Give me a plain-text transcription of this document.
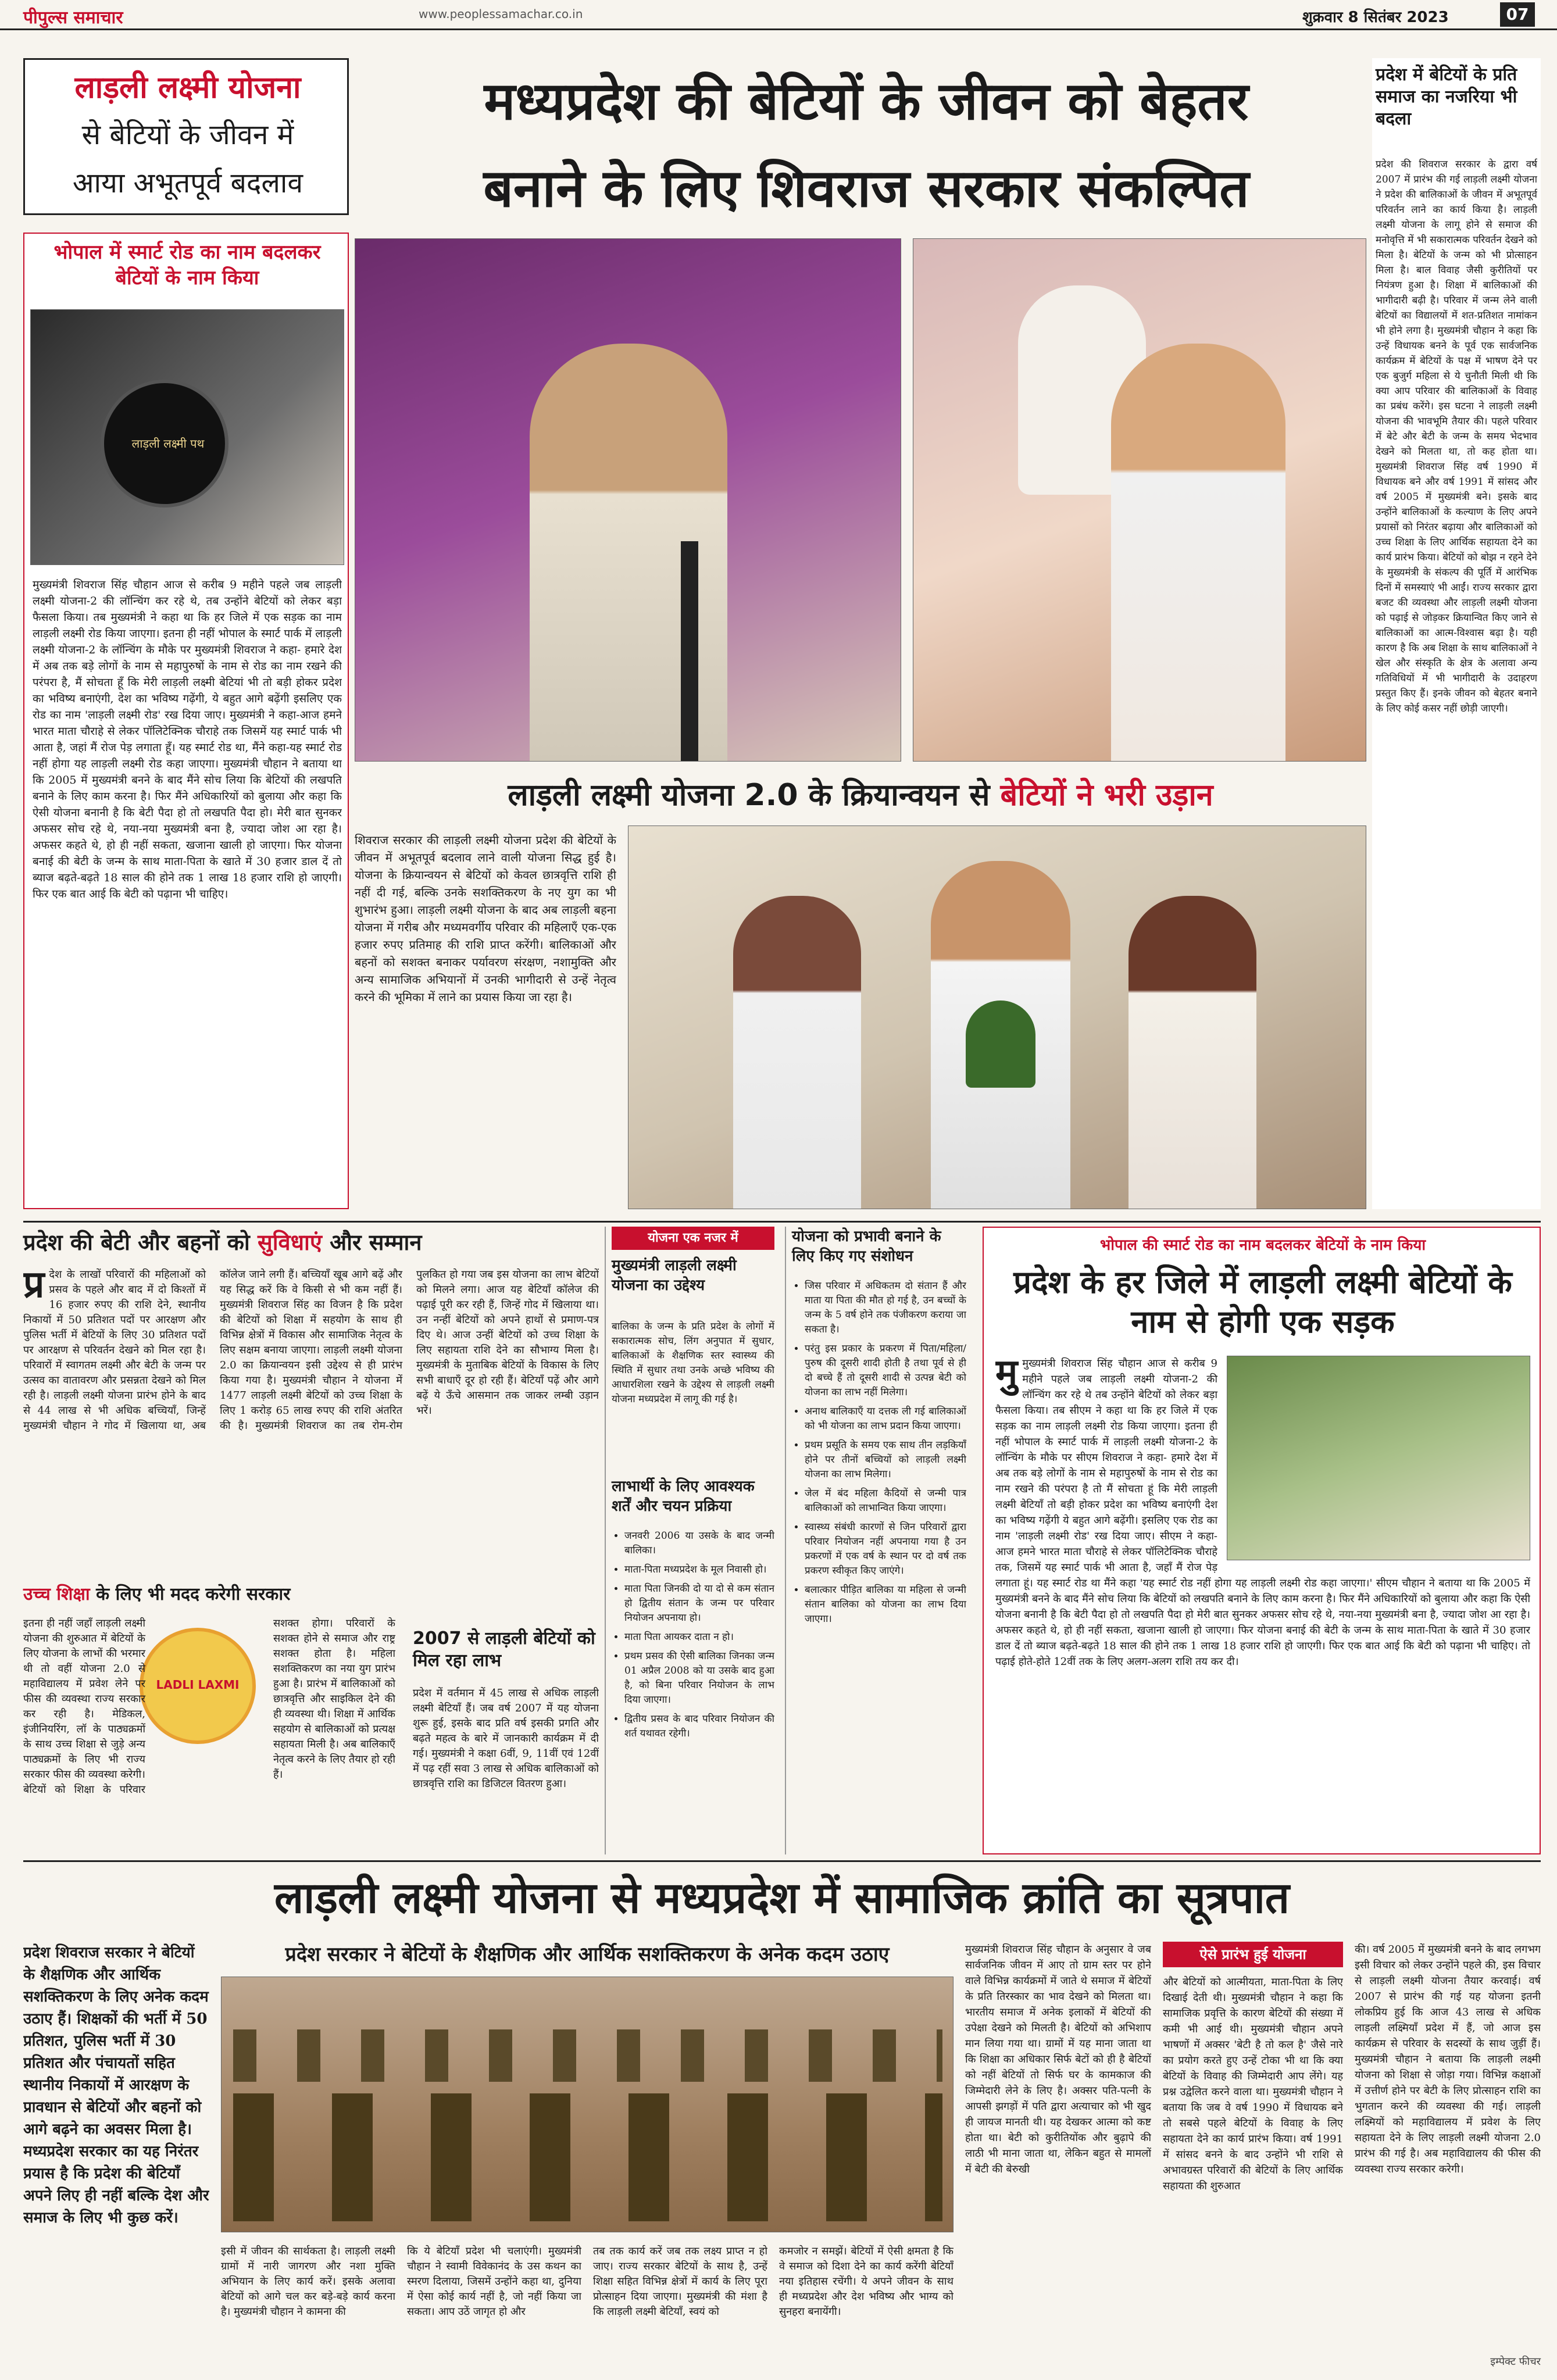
पीपुल्स समाचार	www.peoplessamachar.co.in	शुक्रवार 8 सितंबर 2023	07
लाड़ली लक्ष्मी योजना
से बेटियों के जीवन में
आया अभूतपूर्व बदलाव
मध्यप्रदेश की बेटियों के जीवन को बेहतर
बनाने के लिए शिवराज सरकार संकल्पित
भोपाल में स्मार्ट रोड का नाम बदलकर बेटियों के नाम किया
लाड़ली लक्ष्मी पथ
मुख्यमंत्री शिवराज सिंह चौहान आज से करीब 9 महीने पहले जब लाड़ली लक्ष्मी योजना-2 की लॉन्चिंग कर रहे थे, तब उन्होंने बेटियों को लेकर बड़ा फैसला किया। तब मुख्यमंत्री ने कहा था कि हर जिले में एक सड़क का नाम लाड़ली लक्ष्मी रोड किया जाएगा। इतना ही नहीं भोपाल के स्मार्ट पार्क में लाड़ली लक्ष्मी योजना-2 के लॉन्चिंग के मौके पर मुख्यमंत्री शिवराज ने कहा- हमारे देश में अब तक बड़े लोगों के नाम से महापुरुषों के नाम से रोड का नाम रखने की परंपरा है, मैं सोचता हूँ कि मेरी लाड़ली लक्ष्मी बेटियां भी तो बड़ी होकर प्रदेश का भविष्य बनाएंगी, देश का भविष्य गढ़ेंगी, ये बहुत आगे बढ़ेंगी इसलिए एक रोड का नाम 'लाड़ली लक्ष्मी रोड' रख दिया जाए। मुख्यमंत्री ने कहा-आज हमने भारत माता चौराहे से लेकर पॉलिटेक्निक चौराहे तक जिसमें यह स्मार्ट पार्क भी आता है, जहां मैं रोज पेड़ लगाता हूँ। यह स्मार्ट रोड था, मैंने कहा-यह स्मार्ट रोड नहीं होगा यह लाड़ली लक्ष्मी रोड कहा जाएगा। मुख्यमंत्री चौहान ने बताया था कि 2005 में मुख्यमंत्री बनने के बाद मैंने सोच लिया कि बेटियों की लखपति बनाने के लिए काम करना है। फिर मैंने अधिकारियों को बुलाया और कहा कि ऐसी योजना बनानी है कि बेटी पैदा हो तो लखपति पैदा हो। मेरी बात सुनकर अफसर सोच रहे थे, नया-नया मुख्यमंत्री बना है, ज्यादा जोश आ रहा है। अफसर कहते थे, हो ही नहीं सकता, खजाना खाली हो जाएगा। फिर योजना बनाई की बेटी के जन्म के साथ माता-पिता के खाते में 30 हजार डाल दें तो ब्याज बढ़ते-बढ़ते 18 साल की होने तक 1 लाख 18 हजार राशि हो जाएगी। फिर एक बात आई कि बेटी को पढ़ाना भी चाहिए।
प्रदेश में बेटियों के प्रति समाज का नजरिया भी बदला
प्रदेश की शिवराज सरकार के द्वारा वर्ष 2007 में प्रारंभ की गई लाड़ली लक्ष्मी योजना ने प्रदेश की बालिकाओं के जीवन में अभूतपूर्व परिवर्तन लाने का कार्य किया है। लाड़ली लक्ष्मी योजना के लागू होने से समाज की मनोवृत्ति में भी सकारात्मक परिवर्तन देखने को मिला है। बेटियों के जन्म को भी प्रोत्साहन मिला है। बाल विवाह जैसी कुरीतियों पर नियंत्रण हुआ है। शिक्षा में बालिकाओं की भागीदारी बढ़ी है। परिवार में जन्म लेने वाली बेटियों का विद्यालयों में शत-प्रतिशत नामांकन भी होने लगा है। मुख्यमंत्री चौहान ने कहा कि उन्हें विधायक बनने के पूर्व एक सार्वजनिक कार्यक्रम में बेटियों के पक्ष में भाषण देने पर एक बुजुर्ग महिला से ये चुनौती मिली थी कि क्या आप परिवार की बालिकाओं के विवाह का प्रबंध करेंगे। इस घटना ने लाड़ली लक्ष्मी योजना की भावभूमि तैयार की। पहले परिवार में बेटे और बेटी के जन्म के समय भेदभाव देखने को मिलता था, तो कह होता था। मुख्यमंत्री शिवराज सिंह वर्ष 1990 में विधायक बने और वर्ष 1991 में सांसद और वर्ष 2005 में मुख्यमंत्री बने। इसके बाद उन्होंने बालिकाओं के कल्याण के लिए अपने प्रयासों को निरंतर बढ़ाया और बालिकाओं को उच्च शिक्षा के लिए आर्थिक सहायता देने का कार्य प्रारंभ किया। बेटियों को बोझ न रहने देने के मुख्यमंत्री के संकल्प की पूर्ति में आरंभिक दिनों में समस्याएं भी आईं। राज्य सरकार द्वारा बजट की व्यवस्था और लाड़ली लक्ष्मी योजना को पढ़ाई से जोड़कर क्रियान्वित किए जाने से बालिकाओं का आत्म-विश्वास बढ़ा है। यही कारण है कि अब शिक्षा के साथ बालिकाओं ने खेल और संस्कृति के क्षेत्र के अलावा अन्य गतिविधियों में भी भागीदारी के उदाहरण प्रस्तुत किए हैं। इनके जीवन को बेहतर बनाने के लिए कोई कसर नहीं छोड़ी जाएगी।
लाड़ली लक्ष्मी योजना 2.0 के क्रियान्वयन से बेटियों ने भरी उड़ान
शिवराज सरकार की लाड़ली लक्ष्मी योजना प्रदेश की बेटियों के जीवन में अभूतपूर्व बदलाव लाने वाली योजना सिद्ध हुई है। योजना के क्रियान्वयन से बेटियों को केवल छात्रवृत्ति राशि ही नहीं दी गई, बल्कि उनके सशक्तिकरण के नए युग का भी शुभारंभ हुआ। लाड़ली लक्ष्मी योजना के बाद अब लाड़ली बहना योजना में गरीब और मध्यमवर्गीय परिवार की महिलाएँ एक-एक हजार रुपए प्रतिमाह की राशि प्राप्त करेंगी। बालिकाओं और बहनों को सशक्त बनाकर पर्यावरण संरक्षण, नशामुक्ति और अन्य सामाजिक अभियानों में उनकी भागीदारी से उन्हें नेतृत्व करने की भूमिका में लाने का प्रयास किया जा रहा है।
प्रदेश की बेटी और बहनों को सुविधाएं और सम्मान
प्र देश के लाखों परिवारों की महिलाओं को प्रसव के पहले और बाद में दो किश्तों में 16 हजार रुपए की राशि देने, स्थानीय निकायों में 50 प्रतिशत पदों पर आरक्षण और पुलिस भर्ती में बेटियों के लिए 30 प्रतिशत पदों पर आरक्षण से परिवर्तन देखने को मिल रहा है। परिवारों में स्वागतम लक्ष्मी और बेटी के जन्म पर उत्सव का वातावरण और प्रसन्नता देखने को मिल रही है। लाड़ली लक्ष्मी योजना प्रारंभ होने के बाद से 44 लाख से भी अधिक बच्चियाँ, जिन्हें मुख्यमंत्री चौहान ने गोद में खिलाया था, अब कॉलेज जाने लगी हैं। बच्चियाँ खूब आगे बढ़ें और यह सिद्ध करें कि वे किसी से भी कम नहीं हैं। मुख्यमंत्री शिवराज सिंह का विजन है कि प्रदेश की बेटियों को शिक्षा में सहयोग के साथ ही विभिन्न क्षेत्रों में विकास और सामाजिक नेतृत्व के लिए सक्षम बनाया जाएगा। लाड़ली लक्ष्मी योजना 2.0 का क्रियान्वयन इसी उद्देश्य से ही प्रारंभ किया गया है। मुख्यमंत्री चौहान ने योजना में 1477 लाड़ली लक्ष्मी बेटियों को उच्च शिक्षा के लिए 1 करोड़ 65 लाख रुपए की राशि अंतरित की है। मुख्यमंत्री शिवराज का तब रोम-रोम पुलकित हो गया जब इस योजना का लाभ बेटियों को मिलने लगा। आज यह बेटियाँ कॉलेज की पढ़ाई पूरी कर रही हैं, जिन्हें गोद में खिलाया था। उन नन्हीं बेटियों को अपने हाथों से प्रमाण-पत्र दिए थे। आज उन्हीं बेटियों को उच्च शिक्षा के लिए सहायता राशि देने का सौभाग्य मिला है। मुख्यमंत्री के मुताबिक बेटियों के विकास के लिए सभी बाधाएँ दूर हो रही हैं। बेटियाँ पढ़ें और आगे बढ़ें ये ऊँचे आसमान तक जाकर लम्बी उड़ान भरें।
उच्च शिक्षा के लिए भी मदद करेगी सरकार
LADLI LAXMI
इतना ही नहीं जहाँ लाड़ली लक्ष्मी योजना की शुरुआत में बेटियों के लिए योजना के लाभों की भरमार थी तो वहीं योजना 2.0 से महाविद्यालय में प्रवेश लेने पर फीस की व्यवस्था राज्य सरकार कर रही है। मेडिकल, इंजीनियरिंग, लॉ के पाठ्यक्रमों के साथ उच्च शिक्षा से जुड़े अन्य पाठ्यक्रमों के लिए भी राज्य सरकार फीस की व्यवस्था करेगी। बेटियों को शिक्षा के परिवार सशक्त होगा। परिवारों के सशक्त होने से समाज और राष्ट्र सशक्त होता है। महिला सशक्तिकरण का नया युग प्रारंभ हुआ है। प्रारंभ में बालिकाओं को छात्रवृत्ति और साइकिल देने की ही व्यवस्था थी। शिक्षा में आर्थिक सहयोग से बालिकाओं को प्रत्यक्ष सहायता मिली है। अब बालिकाएँ नेतृत्व करने के लिए तैयार हो रही हैं।
2007 से लाड़ली बेटियों को मिल रहा लाभ
प्रदेश में वर्तमान में 45 लाख से अधिक लाड़ली लक्ष्मी बेटियाँ हैं। जब वर्ष 2007 में यह योजना शुरू हुई, इसके बाद प्रति वर्ष इसकी प्रगति और बढ़ते महत्व के बारे में जानकारी कार्यक्रम में दी गई। मुख्यमंत्री ने कक्षा 6वीं, 9, 11वीं एवं 12वीं में पढ़ रहीं सवा 3 लाख से अधिक बालिकाओं को छात्रवृत्ति राशि का डिजिटल वितरण हुआ।
योजना एक नजर में
मुख्यमंत्री लाड़ली लक्ष्मी योजना का उद्देश्य
बालिका के जन्म के प्रति प्रदेश के लोगों में सकारात्मक सोच, लिंग अनुपात में सुधार, बालिकाओं के शैक्षणिक स्तर स्वास्थ्य की स्थिति में सुधार तथा उनके अच्छे भविष्य की आधारशिला रखने के उद्देश्य से लाड़ली लक्ष्मी योजना मध्यप्रदेश में लागू की गई है।
लाभार्थी के लिए आवश्यक शर्तें और चयन प्रक्रिया
• जनवरी 2006 या उसके के बाद जन्मी बालिका।
• माता-पिता मध्यप्रदेश के मूल निवासी हो।
• माता पिता जिनकी दो या दो से कम संतान हो द्वितीय संतान के जन्म पर परिवार नियोजन अपनाया हो।
• माता पिता आयकर दाता न हो।
• प्रथम प्रसव की ऐसी बालिका जिनका जन्म 01 अप्रैल 2008 को या उसके बाद हुआ है, को बिना परिवार नियोजन के लाभ दिया जाएगा।
• द्वितीय प्रसव के बाद परिवार नियोजन की शर्त यथावत रहेगी।
योजना को प्रभावी बनाने के लिए किए गए संशोधन
• जिस परिवार में अधिकतम दो संतान हैं और माता या पिता की मौत हो गई है, उन बच्चों के जन्म के 5 वर्ष होने तक पंजीकरण कराया जा सकता है।
• परंतु इस प्रकार के प्रकरण में पिता/महिला/पुरुष की दूसरी शादी होती है तथा पूर्व से ही दो बच्चे हैं तो दूसरी शादी से उत्पन्न बेटी को योजना का लाभ नहीं मिलेगा।
• अनाथ बालिकाएँ या दत्तक ली गई बालिकाओं को भी योजना का लाभ प्रदान किया जाएगा।
• प्रथम प्रसूति के समय एक साथ तीन लड़कियाँ होने पर तीनों बच्चियों को लाड़ली लक्ष्मी योजना का लाभ मिलेगा।
• जेल में बंद महिला कैदियों से जन्मी पात्र बालिकाओं को लाभान्वित किया जाएगा।
• स्वास्थ्य संबंधी कारणों से जिन परिवारों द्वारा परिवार नियोजन नहीं अपनाया गया है उन प्रकरणों में एक वर्ष के स्थान पर दो वर्ष तक प्रकरण स्वीकृत किए जाएंगे।
• बलात्कार पीड़ित बालिका या महिला से जन्मी संतान बालिका को योजना का लाभ दिया जाएगा।
भोपाल की स्मार्ट रोड का नाम बदलकर बेटियों के नाम किया
प्रदेश के हर जिले में लाड़ली लक्ष्मी बेटियों के नाम से होगी एक सड़क
मुमुख्यमंत्री शिवराज सिंह चौहान आज से करीब 9 महीने पहले जब लाड़ली लक्ष्मी योजना-2 की लॉन्चिंग कर रहे थे तब उन्होंने बेटियों को लेकर बड़ा फैसला किया। तब सीएम ने कहा था कि हर जिले में एक सड़क का नाम लाड़ली लक्ष्मी रोड किया जाएगा। इतना ही नहीं भोपाल के स्मार्ट पार्क में लाड़ली लक्ष्मी योजना-2 के लॉन्चिंग के मौके पर सीएम शिवराज ने कहा- हमारे देश में अब तक बड़े लोगों के नाम से महापुरुषों के नाम से रोड का नाम रखने की परंपरा है तो मैं सोचता हूं कि मेरी लाड़ली लक्ष्मी बेटियाँ तो बड़ी होकर प्रदेश का भविष्य बनाएंगी देश का भविष्य गढ़ेंगी ये बहुत आगे बढ़ेंगी। इसलिए एक रोड का नाम 'लाड़ली लक्ष्मी रोड' रख दिया जाए। सीएम ने कहा- आज हमने भारत माता चौराहे से लेकर पॉलिटेक्निक चौराहे तक, जिसमें यह स्मार्ट पार्क भी आता है, जहाँ मैं रोज पेड़ लगाता हूं। यह स्मार्ट रोड था मैंने कहा 'यह स्मार्ट रोड नहीं होगा यह लाड़ली लक्ष्मी रोड कहा जाएगा।' सीएम चौहान ने बताया था कि 2005 में मुख्यमंत्री बनने के बाद मैंने सोच लिया कि बेटियों को लखपति बनाने के लिए काम करना है। फिर मैंने अधिकारियों को बुलाया और कहा कि ऐसी योजना बनानी है कि बेटी पैदा हो तो लखपति पैदा हो मेरी बात सुनकर अफसर सोच रहे थे, नया-नया मुख्यमंत्री बना है, ज्यादा जोश आ रहा है। अफसर कहते थे, हो ही नहीं सकता, खजाना खाली हो जाएगा। फिर योजना बनाई की बेटी के जन्म के साथ माता-पिता के खाते में 30 हजार डाल दें तो ब्याज बढ़ते-बढ़ते 18 साल की होने तक 1 लाख 18 हजार राशि हो जाएगी। फिर एक बात आई कि बेटी को पढ़ाना भी चाहिए। तो पढ़ाई होते-होते 12वीं तक के लिए अलग-अलग राशि तय कर दी।
लाड़ली लक्ष्मी योजना से मध्यप्रदेश में सामाजिक क्रांति का सूत्रपात
प्रदेश शिवराज सरकार ने बेटियों के शैक्षणिक और आर्थिक सशक्तिकरण के लिए अनेक कदम उठाए हैं। शिक्षकों की भर्ती में 50 प्रतिशत, पुलिस भर्ती में 30 प्रतिशत और पंचायतों सहित स्थानीय निकायों में आरक्षण के प्रावधान से बेटियों और बहनों को आगे बढ़ने का अवसर मिला है। मध्यप्रदेश सरकार का यह निरंतर प्रयास है कि प्रदेश की बेटियाँ अपने लिए ही नहीं बल्कि देश और समाज के लिए भी कुछ करें।
प्रदेश सरकार ने बेटियों के शैक्षणिक और आर्थिक सशक्तिकरण के अनेक कदम उठाए
इसी में जीवन की सार्थकता है। लाड़ली लक्ष्मी ग्रामों में नारी जागरण और नशा मुक्ति अभियान के लिए कार्य करें। इसके अलावा बेटियों को आगे चल कर बड़े-बड़े कार्य करना है। मुख्यमंत्री चौहान ने कामना की
कि ये बेटियाँ प्रदेश भी चलाएंगी। मुख्यमंत्री चौहान ने स्वामी विवेकानंद के उस कथन का स्मरण दिलाया, जिसमें उन्होंने कहा था, दुनिया में ऐसा कोई कार्य नहीं है, जो नहीं किया जा सकता। आप उठें जागृत हो और
तब तक कार्य करें जब तक लक्ष्य प्राप्त न हो जाए। राज्य सरकार बेटियों के साथ है, उन्हें शिक्षा सहित विभिन्न क्षेत्रों में कार्य के लिए पूरा प्रोत्साहन दिया जाएगा। मुख्यमंत्री की मंशा है कि लाड़ली लक्ष्मी बेटियाँ, स्वयं को
कमजोर न समझें। बेटियों में ऐसी क्षमता है कि वे समाज को दिशा देने का कार्य करेंगी बेटियाँ नया इतिहास रचेंगी। ये अपने जीवन के साथ ही मध्यप्रदेश और देश भविष्य और भाग्य को सुनहरा बनायेंगी।
मुख्यमंत्री शिवराज सिंह चौहान के अनुसार वे जब सार्वजनिक जीवन में आए तो ग्राम स्तर पर होने वाले विभिन्न कार्यक्रमों में जाते थे समाज में बेटियों के प्रति तिरस्कार का भाव देखने को मिलता था। भारतीय समाज में अनेक इलाकों में बेटियों की उपेक्षा देखने को मिलती है। बेटियों को अभिशाप मान लिया गया था। ग्रामों में यह माना जाता था कि शिक्षा का अधिकार सिर्फ बेटों को ही है बेटियों को नहीं बेटियों तो सिर्फ घर के कामकाज की जिम्मेदारी लेने के लिए है। अक्सर पति-पत्नी के आपसी झगड़ों में पति द्वारा अत्याचार को भी खुद ही जायज मानती थी। यह देखकर आत्मा को कष्ट होता था। बेटी को कुरीतियोंक और बुढ़ापे की लाठी भी माना जाता था, लेकिन बहुत से मामलों में बेटी की बेरुखी
ऐसे प्रारंभ हुई योजना
और बेटियों को आत्मीयता, माता-पिता के लिए दिखाई देती थी। मुख्यमंत्री चौहान ने कहा कि सामाजिक प्रवृत्ति के कारण बेटियों की संख्या में कमी भी आई थी। मुख्यमंत्री चौहान अपने भाषणों में अक्सर 'बेटी है तो कल है' जैसे नारे का प्रयोग करते हुए उन्हें टोका भी था कि क्या बेटियों के विवाह की जिम्मेदारी आप लेंगे। यह प्रश्न उद्वेलित करने वाला था। मुख्यमंत्री चौहान ने बताया कि जब वे वर्ष 1990 में विधायक बने तो सबसे पहले बेटियों के विवाह के लिए सहायता देने का कार्य प्रारंभ किया। वर्ष 1991 में सांसद बनने के बाद उन्होंने भी राशि से अभावग्रस्त परिवारों की बेटियों के लिए आर्थिक सहायता की शुरुआत
की। वर्ष 2005 में मुख्यमंत्री बनने के बाद लगभग इसी विचार को लेकर उन्होंने पहले की, इस विचार से लाड़ली लक्ष्मी योजना तैयार करवाई। वर्ष 2007 से प्रारंभ की गई यह योजना इतनी लोकप्रिय हुई कि आज 43 लाख से अधिक लाड़ली लक्ष्मियाँ प्रदेश में हैं, जो आज इस कार्यक्रम से परिवार के सदस्यों के साथ जुड़ीं हैं। मुख्यमंत्री चौहान ने बताया कि लाड़ली लक्ष्मी योजना को शिक्षा से जोड़ा गया। विभिन्न कक्षाओं में उत्तीर्ण होने पर बेटी के लिए प्रोत्साहन राशि का भुगतान करने की व्यवस्था की गई। लाड़ली लक्ष्मियों को महाविद्यालय में प्रवेश के लिए सहायता देने के लिए लाड़ली लक्ष्मी योजना 2.0 प्रारंभ की गई है। अब महाविद्यालय की फीस की व्यवस्था राज्य सरकार करेगी।
इम्पेक्ट फीचर
